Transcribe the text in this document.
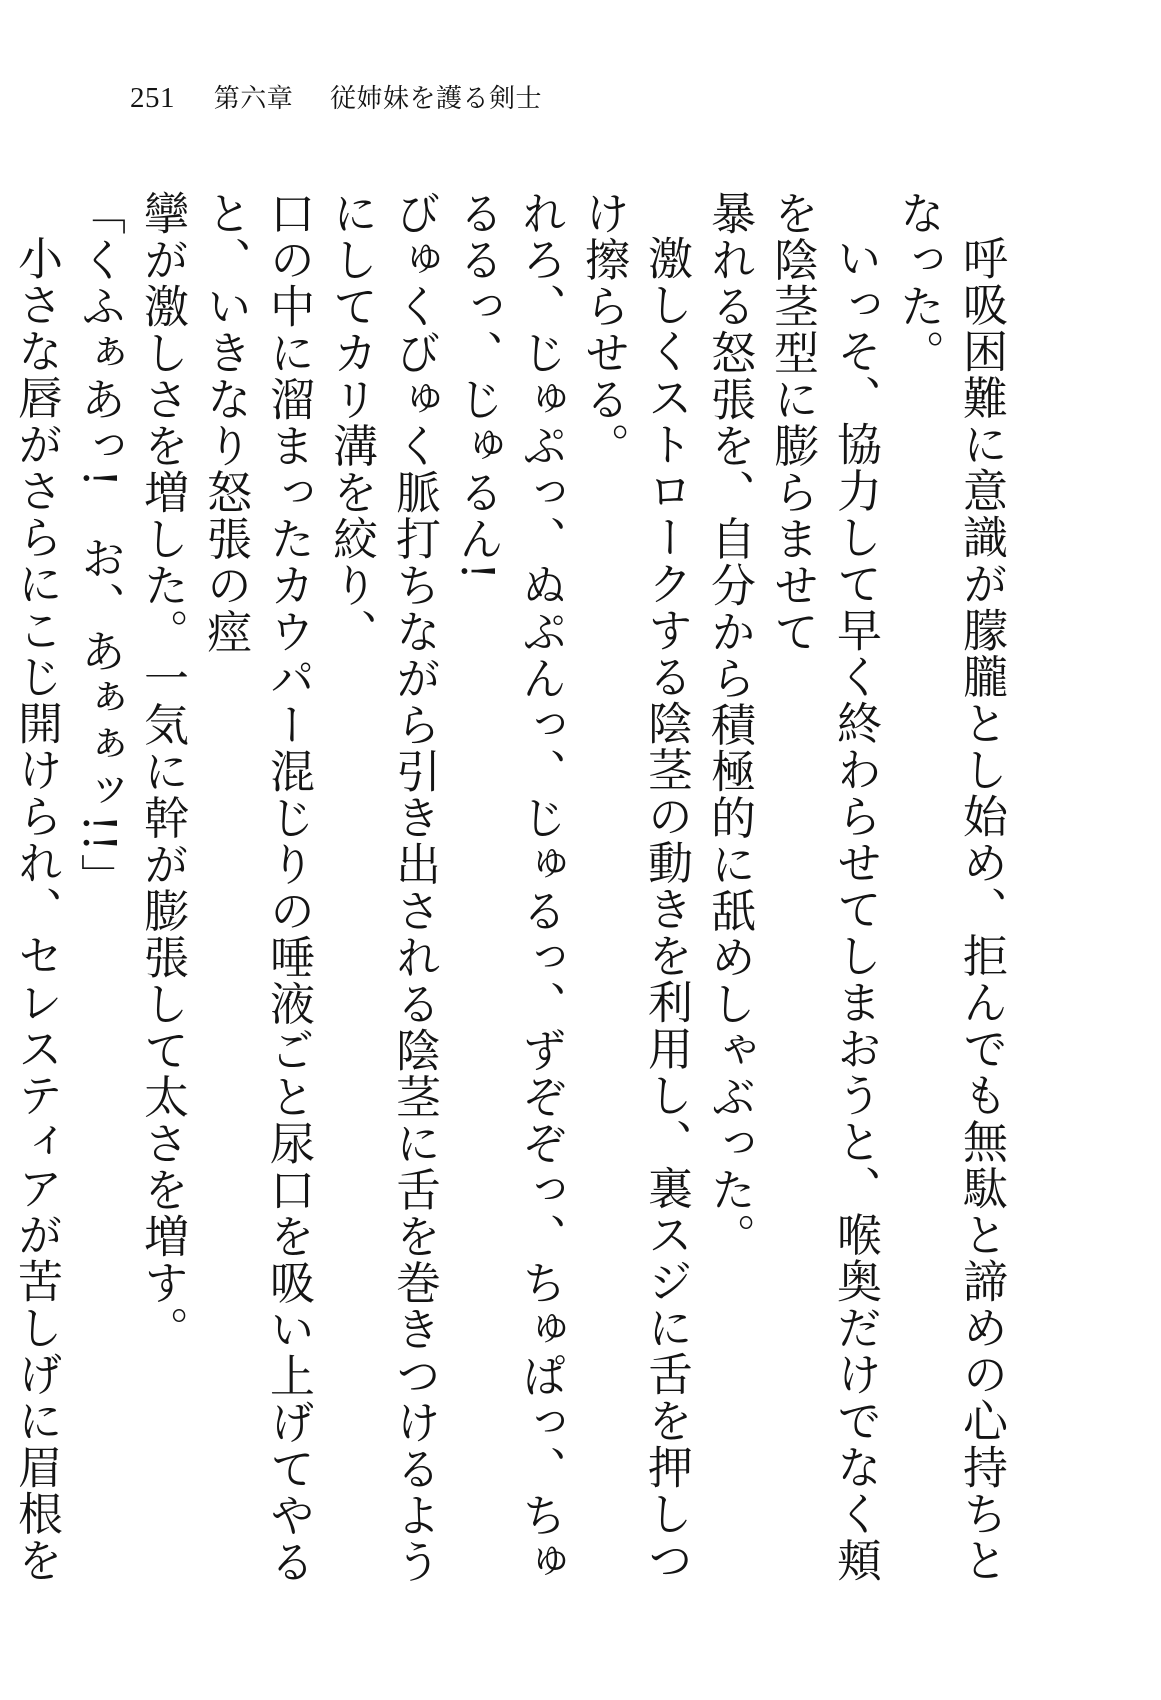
251 第六章 従姉妹を護る剣士

呼吸困難に意識が朦朧とし始め、拒んでも無駄と諦めの心持ちとなった。

いっそ、協力して早く終わらせてしまおうと、喉奥だけでなく頬を陰茎型に膨らませて
暴れる怒張を、自分から積極的に舐めしゃぶった。

激しくストロークする陰茎の動きを利用し、裏スジに舌を押しつけ擦らせる。

れろ、じゅぷっ、ぬぷんっ、じゅるっ、ずぞぞっ、ちゅぱっ、ちゅるるっ、じゅるん!
びゅくびゅく脈打ちながら引き出される陰茎に舌を巻きつけるようにしてカリ溝を絞り、
口の中に溜まったカウパー混じりの唾液ごと尿口を吸い上げてやると、いきなり怒張の痙
攣が激しさを増した。一気に幹が膨張して太さを増す。

「くふぁあっ!　お、あぁぁッ!!」

小さな唇がさらにこじ開けられ、セレスティアが苦しげに眉根を
